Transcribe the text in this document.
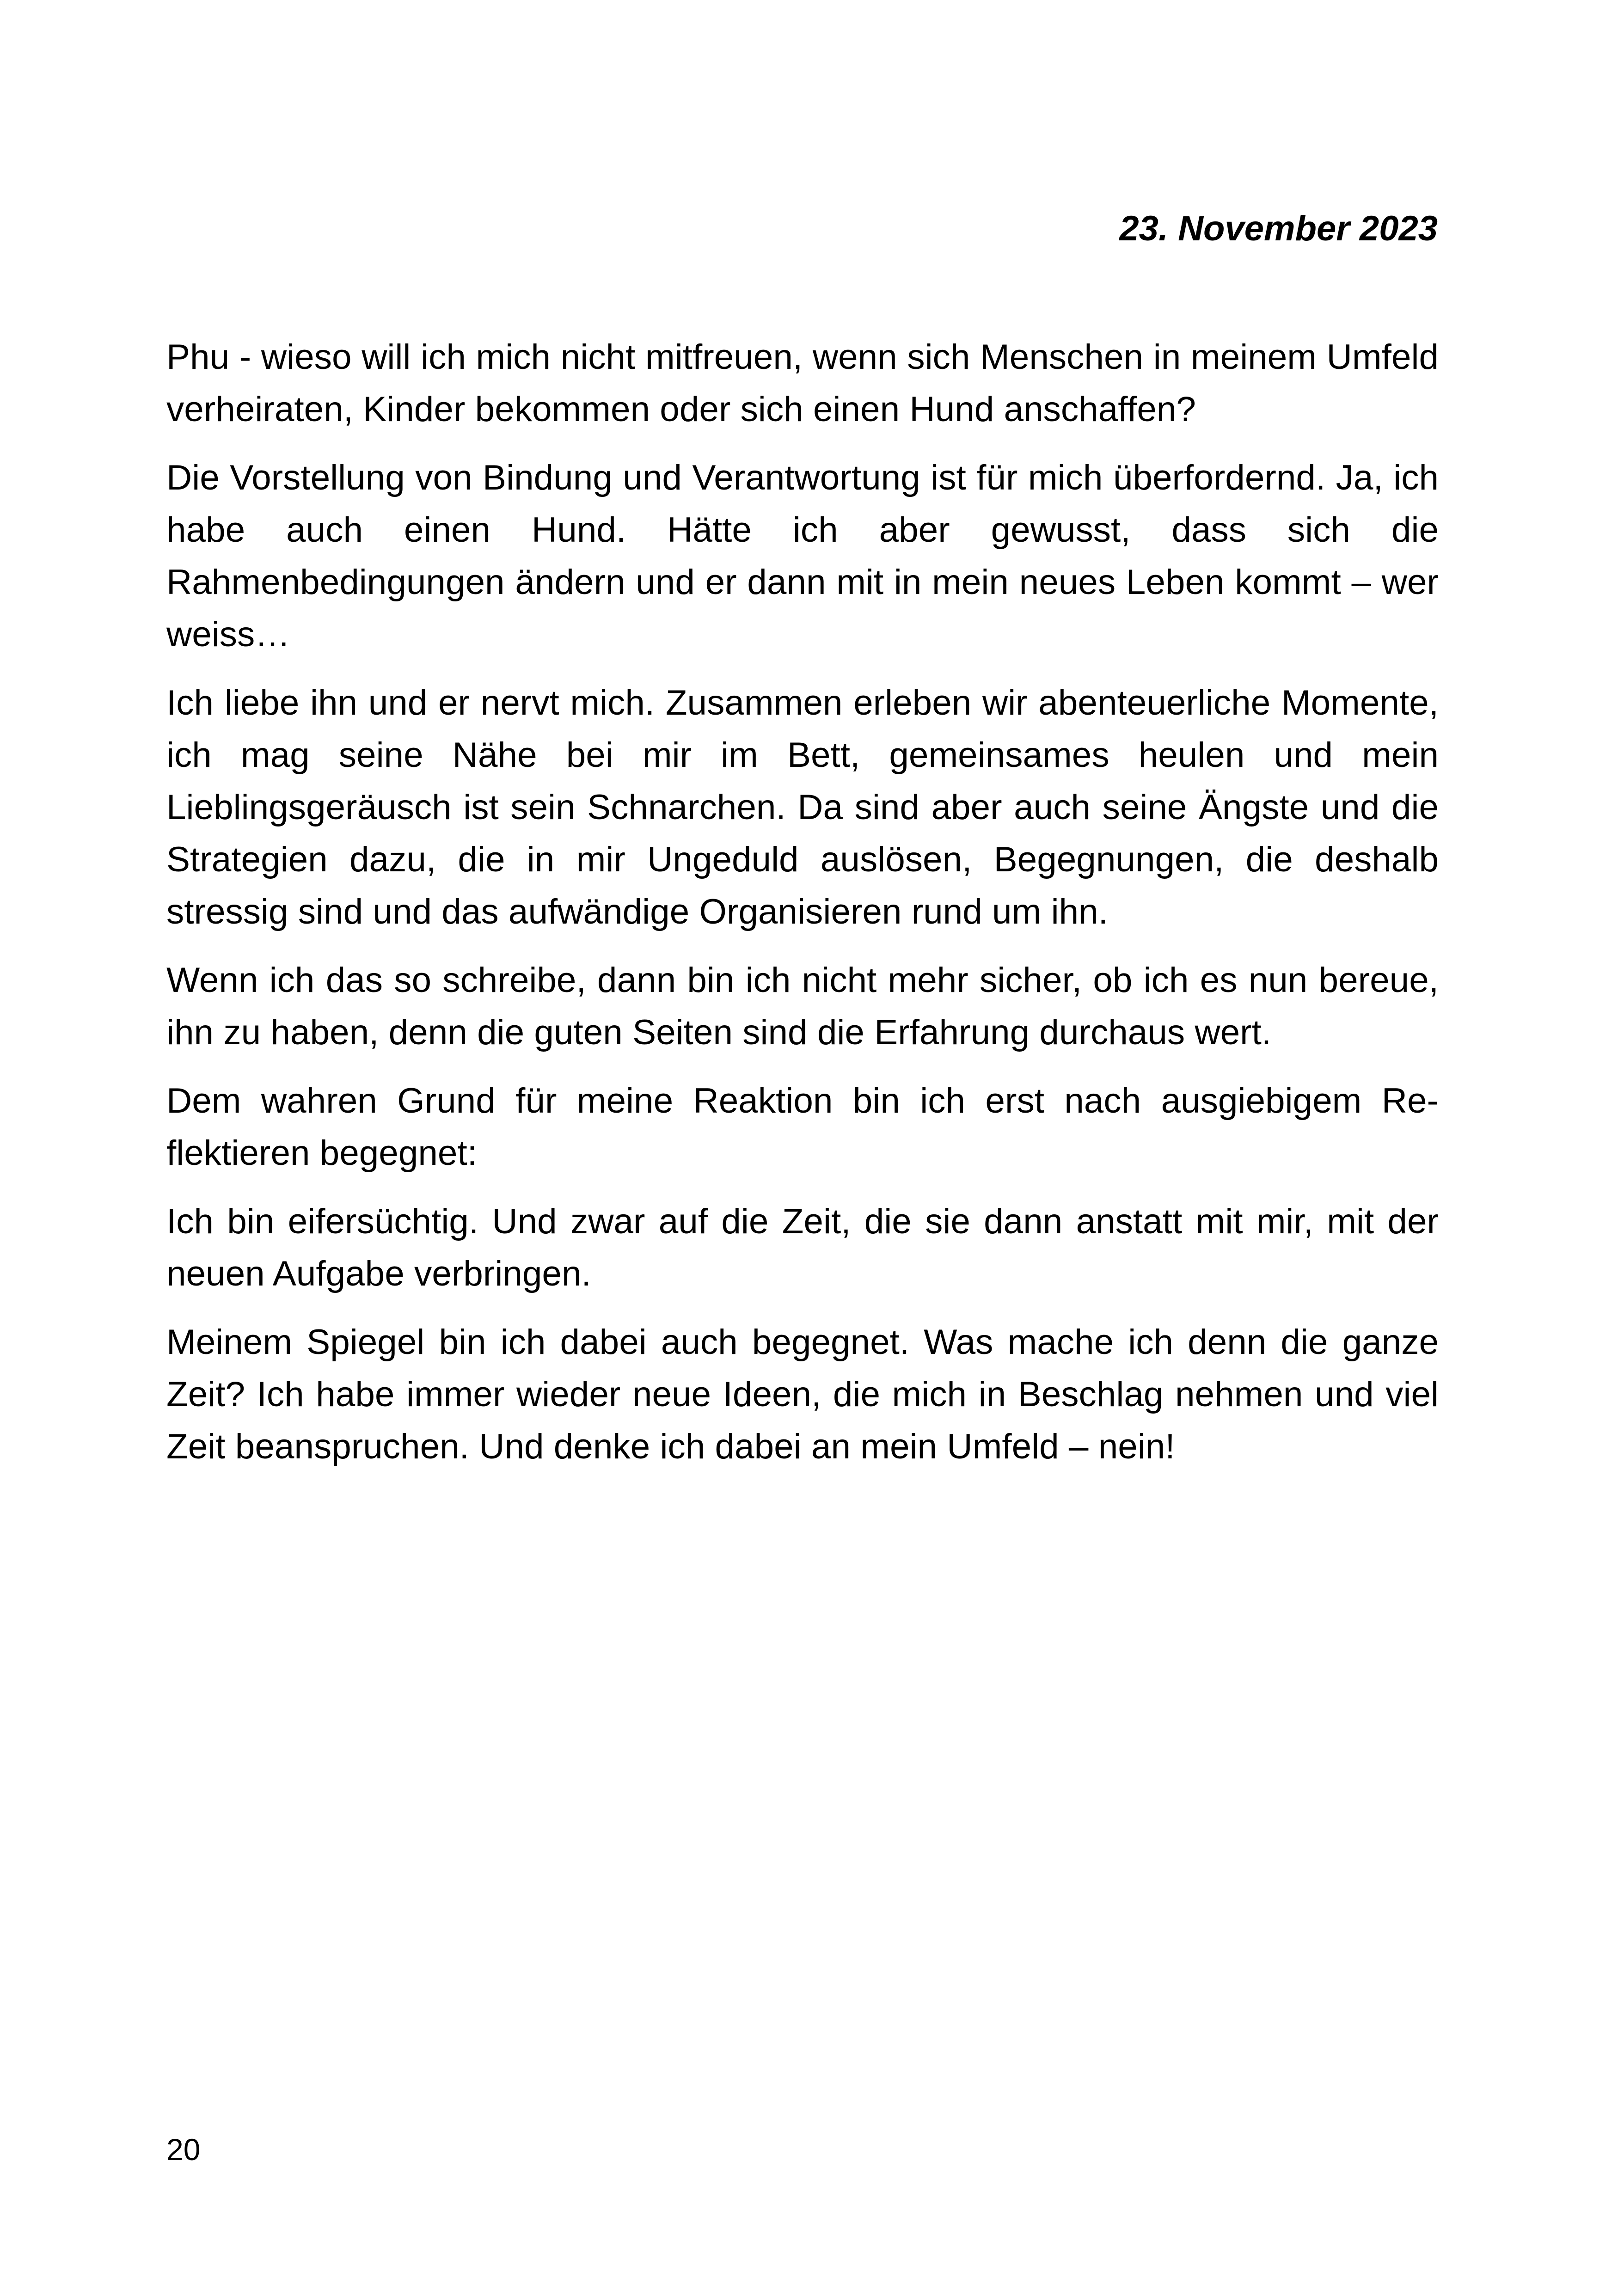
23. November 2023

Phu - wieso will ich mich nicht mitfreuen, wenn sich Menschen in meinem Umfeld verheiraten, Kinder bekommen oder sich einen Hund anschaffen?

Die Vorstellung von Bindung und Verantwortung ist für mich überfordernd. Ja, ich habe auch einen Hund. Hätte ich aber gewusst, dass sich die Rahmenbedingungen ändern und er dann mit in mein neues Leben kommt – wer weiss…

Ich liebe ihn und er nervt mich. Zusammen erleben wir abenteuerliche Momente, ich mag seine Nähe bei mir im Bett, gemeinsames heulen und mein Lieblingsgeräusch ist sein Schnarchen. Da sind aber auch seine Ängste und die Strategien dazu, die in mir Ungeduld auslösen, Begegnungen, die deshalb stressig sind und das aufwändige Organisieren rund um ihn.

Wenn ich das so schreibe, dann bin ich nicht mehr sicher, ob ich es nun bereue, ihn zu haben, denn die guten Seiten sind die Erfahrung durchaus wert.

Dem wahren Grund für meine Reaktion bin ich erst nach ausgiebigem Reflektieren begegnet:

Ich bin eifersüchtig. Und zwar auf die Zeit, die sie dann anstatt mit mir, mit der neuen Aufgabe verbringen.

Meinem Spiegel bin ich dabei auch begegnet. Was mache ich denn die ganze Zeit? Ich habe immer wieder neue Ideen, die mich in Beschlag nehmen und viel Zeit beanspruchen. Und denke ich dabei an mein Umfeld – nein!

20
